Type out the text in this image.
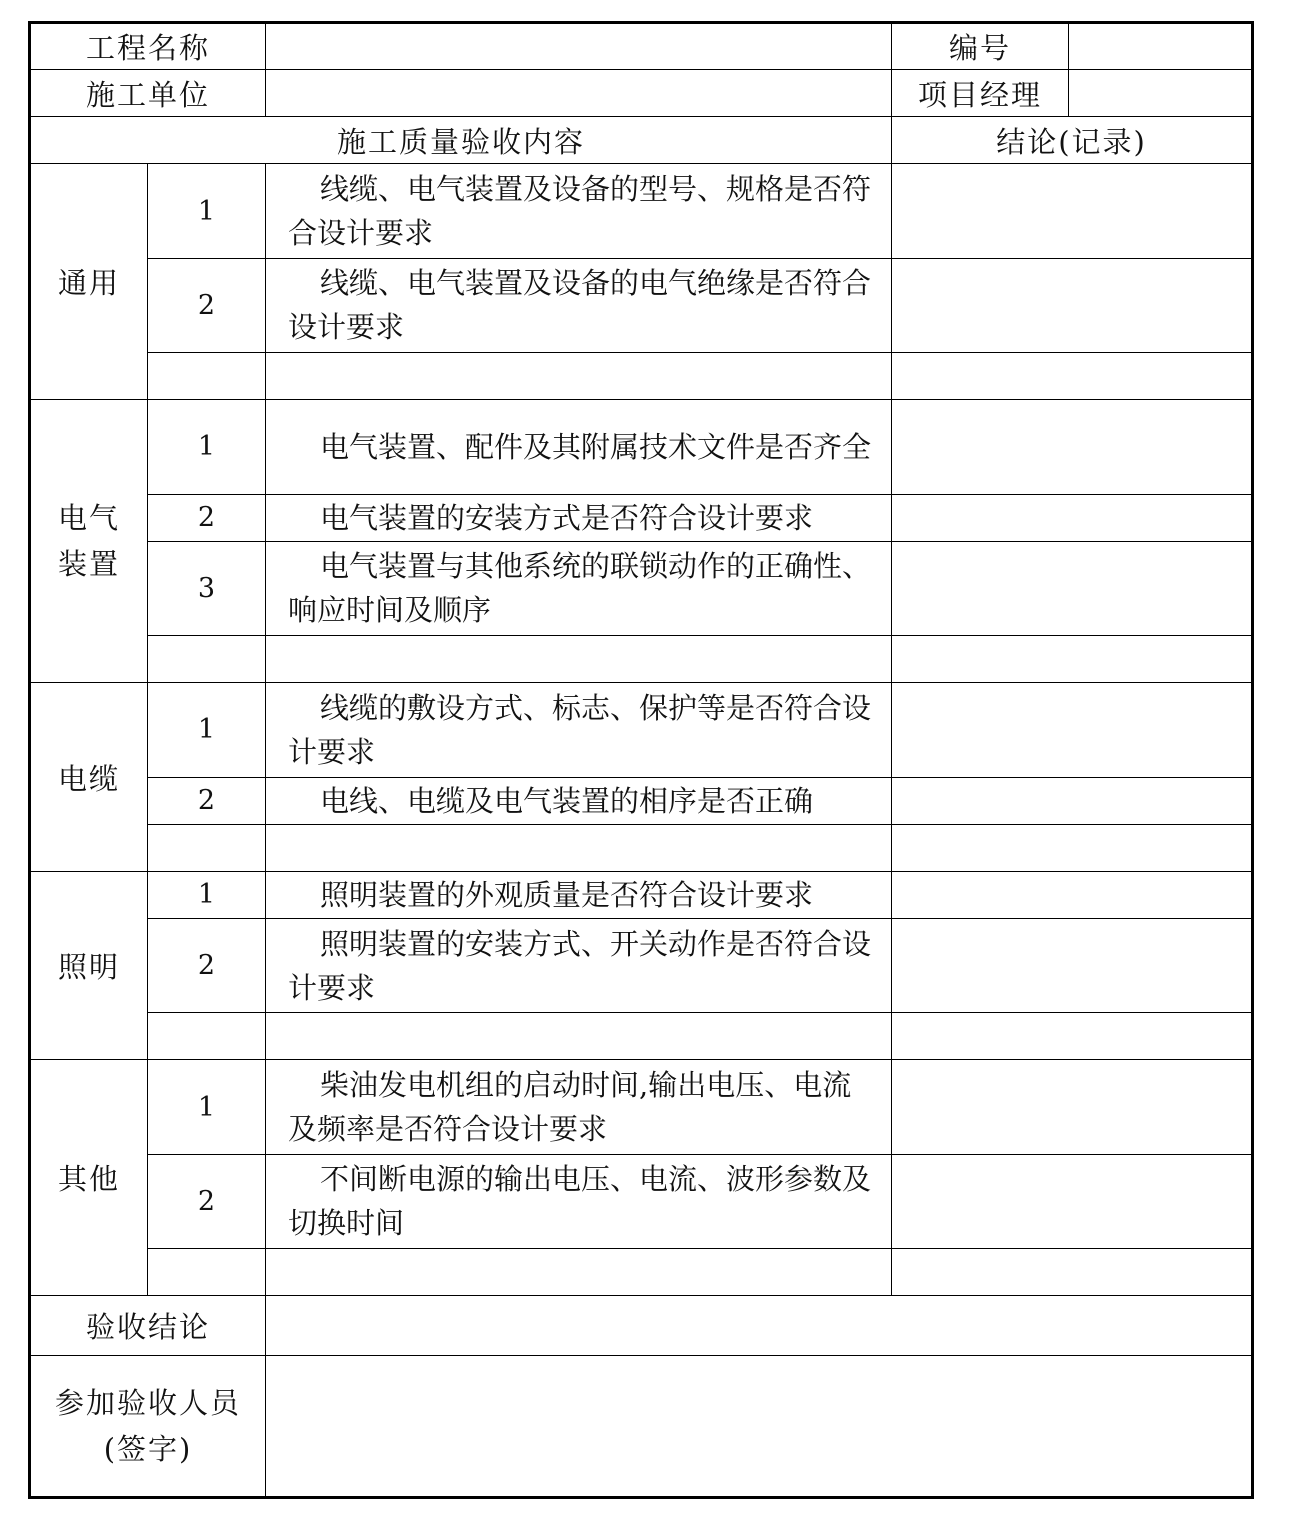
工程名称			编号	
施工单位			项目经理	
施工质量验收内容			结论(记录)	
通用	1	线缆、电气装置及设备的型号、规格是否符合设计要求		

	2	线缆、电气装置及设备的电气绝缘是否符合设计要求		

电气装置	1	电气装置、配件及其附属技术文件是否齐全		

	2	电气装置的安装方式是否符合设计要求		

	3	电气装置与其他系统的联锁动作的正确性、响应时间及顺序		

电缆	1	线缆的敷设方式、标志、保护等是否符合设计要求		

	2	电线、电缆及电气装置的相序是否正确		

照明	1	照明装置的外观质量是否符合设计要求		

	2	照明装置的安装方式、开关动作是否符合设计要求		

其他	1	柴油发电机组的启动时间,输出电压、电流及频率是否符合设计要求		

	2	不间断电源的输出电压、电流、波形参数及切换时间		

验收结论				

参加验收人员
(签字)				
